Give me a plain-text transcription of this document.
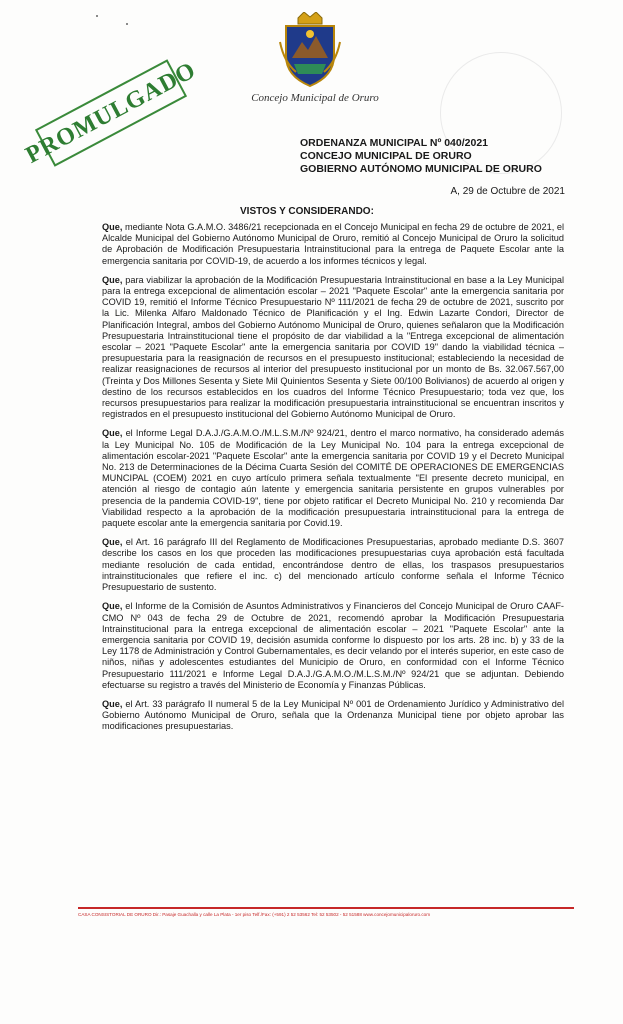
Concejo Municipal de Oruro
PROMULGADO	ORDENANZA MUNICIPAL Nº 040/2021
CONCEJO MUNICIPAL DE ORURO
GOBIERNO AUTÓNOMO MUNICIPAL DE ORURO
A, 29 de Octubre de 2021
VISTOS Y CONSIDERANDO:

Que, mediante Nota G.A.M.O. 3486/21 recepcionada en el Concejo Municipal en fecha 29 de octubre de 2021, el Alcalde Municipal del Gobierno Autónomo Municipal de Oruro, remitió al Concejo Municipal de Oruro la solicitud de Aprobación de Modificación Presupuestaria Intrainstitucional para la entrega de Paquete Escolar ante la emergencia sanitaria por COVID-19, de acuerdo a los informes técnicos y legal.

Que, para viabilizar la aprobación de la Modificación Presupuestaria Intrainstitucional en base a la Ley Municipal para la entrega excepcional de alimentación escolar – 2021 "Paquete Escolar" ante la emergencia sanitaria por COVID 19, remitió el Informe Técnico Presupuestario Nº 111/2021 de fecha 29 de octubre de 2021, suscrito por la Lic. Milenka Alfaro Maldonado Técnico de Planificación y el Ing. Edwin Lazarte Condori, Director de Planificación Integral, ambos del Gobierno Autónomo Municipal de Oruro, quienes señalaron que la Modificación Presupuestaria Intrainstitucional tiene el propósito de dar viabilidad a la "Entrega excepcional de alimentación escolar – 2021 "Paquete Escolar" ante la emergencia sanitaria por COVID 19" dando la viabilidad técnica – presupuestaria para la reasignación de recursos en el presupuesto institucional; estableciendo la necesidad de realizar reasignaciones de recursos al interior del presupuesto institucional por un monto de Bs. 32.067.567,00 (Treinta y Dos Millones Sesenta y Siete Mil Quinientos Sesenta y Siete 00/100 Bolivianos) de acuerdo al origen y destino de los recursos establecidos en los cuadros del Informe Técnico Presupuestario; toda vez que, los recursos presupuestarios para realizar la modificación presupuestaria intrainstitucional se encuentran inscritos y registrados en el presupuesto institucional del Gobierno Autónomo Municipal de Oruro.

Que, el Informe Legal D.A.J./G.A.M.O./M.L.S.M./Nº 924/21, dentro el marco normativo, ha considerado además la Ley Municipal No. 105 de Modificación de la Ley Municipal No. 104 para la entrega excepcional de alimentación escolar-2021 "Paquete Escolar" ante la emergencia sanitaria por COVID 19 y el Decreto Municipal No. 213 de Determinaciones de la Décima Cuarta Sesión del COMITÉ DE OPERACIONES DE EMERGENCIAS MUNCIPAL (COEM) 2021 en cuyo artículo primera señala textualmente "El presente decreto municipal, en atención al riesgo de contagio aún latente y emergencia sanitaria persistente en grupos vulnerables por presencia de la pandemia COVID-19", tiene por objeto ratificar el Decreto Municipal No. 210 y recomienda Dar Viabilidad respecto a la aprobación de la modificación presupuestaria intrainstitucional para la entrega de paquete escolar ante la emergencia sanitaria por Covid.19.

Que, el Art. 16 parágrafo III del Reglamento de Modificaciones Presupuestarias, aprobado mediante D.S. 3607 describe los casos en los que proceden las modificaciones presupuestarias cuya aprobación está facultada mediante resolución de cada entidad, encontrándose dentro de ellas, los traspasos presupuestarios intrainstitucionales que refiere el inc. c) del mencionado artículo conforme señala el Informe Técnico Presupuestario de sustento.

Que, el Informe de la Comisión de Asuntos Administrativos y Financieros del Concejo Municipal de Oruro CAAF-CMO Nº 043 de fecha 29 de Octubre de 2021, recomendó aprobar la Modificación Presupuestaria Intrainstitucional para la entrega excepcional de alimentación escolar – 2021 "Paquete Escolar" ante la emergencia sanitaria por COVID 19, decisión asumida conforme lo dispuesto por los arts. 28 inc. b) y 33 de la Ley 1178 de Administración y Control Gubernamentales, es decir velando por el interés superior, en este caso de niños, niñas y adolescentes estudiantes del Municipio de Oruro, en conformidad con el Informe Técnico Presupuestario 111/2021 e Informe Legal D.A.J./G.A.M.O./M.L.S.M./Nº 924/21 que se adjuntan. Debiendo efectuarse su registro a través del Ministerio de Economía y Finanzas Públicas.

Que, el Art. 33 parágrafo II numeral 5 de la Ley Municipal Nº 001 de Ordenamiento Jurídico y Administrativo del Gobierno Autónomo Municipal de Oruro, señala que la Ordenanza Municipal tiene por objeto aprobar las modificaciones presupuestarias.

CASA CONSISTORIAL DE ORURO Dir.: Pasaje Guachalla y calle La Plata - 1er piso Telf./Fax: (+591) 2 52 53562 Tel: 52 53502 - 52 51588 www.concejomunicipaloruro.com
